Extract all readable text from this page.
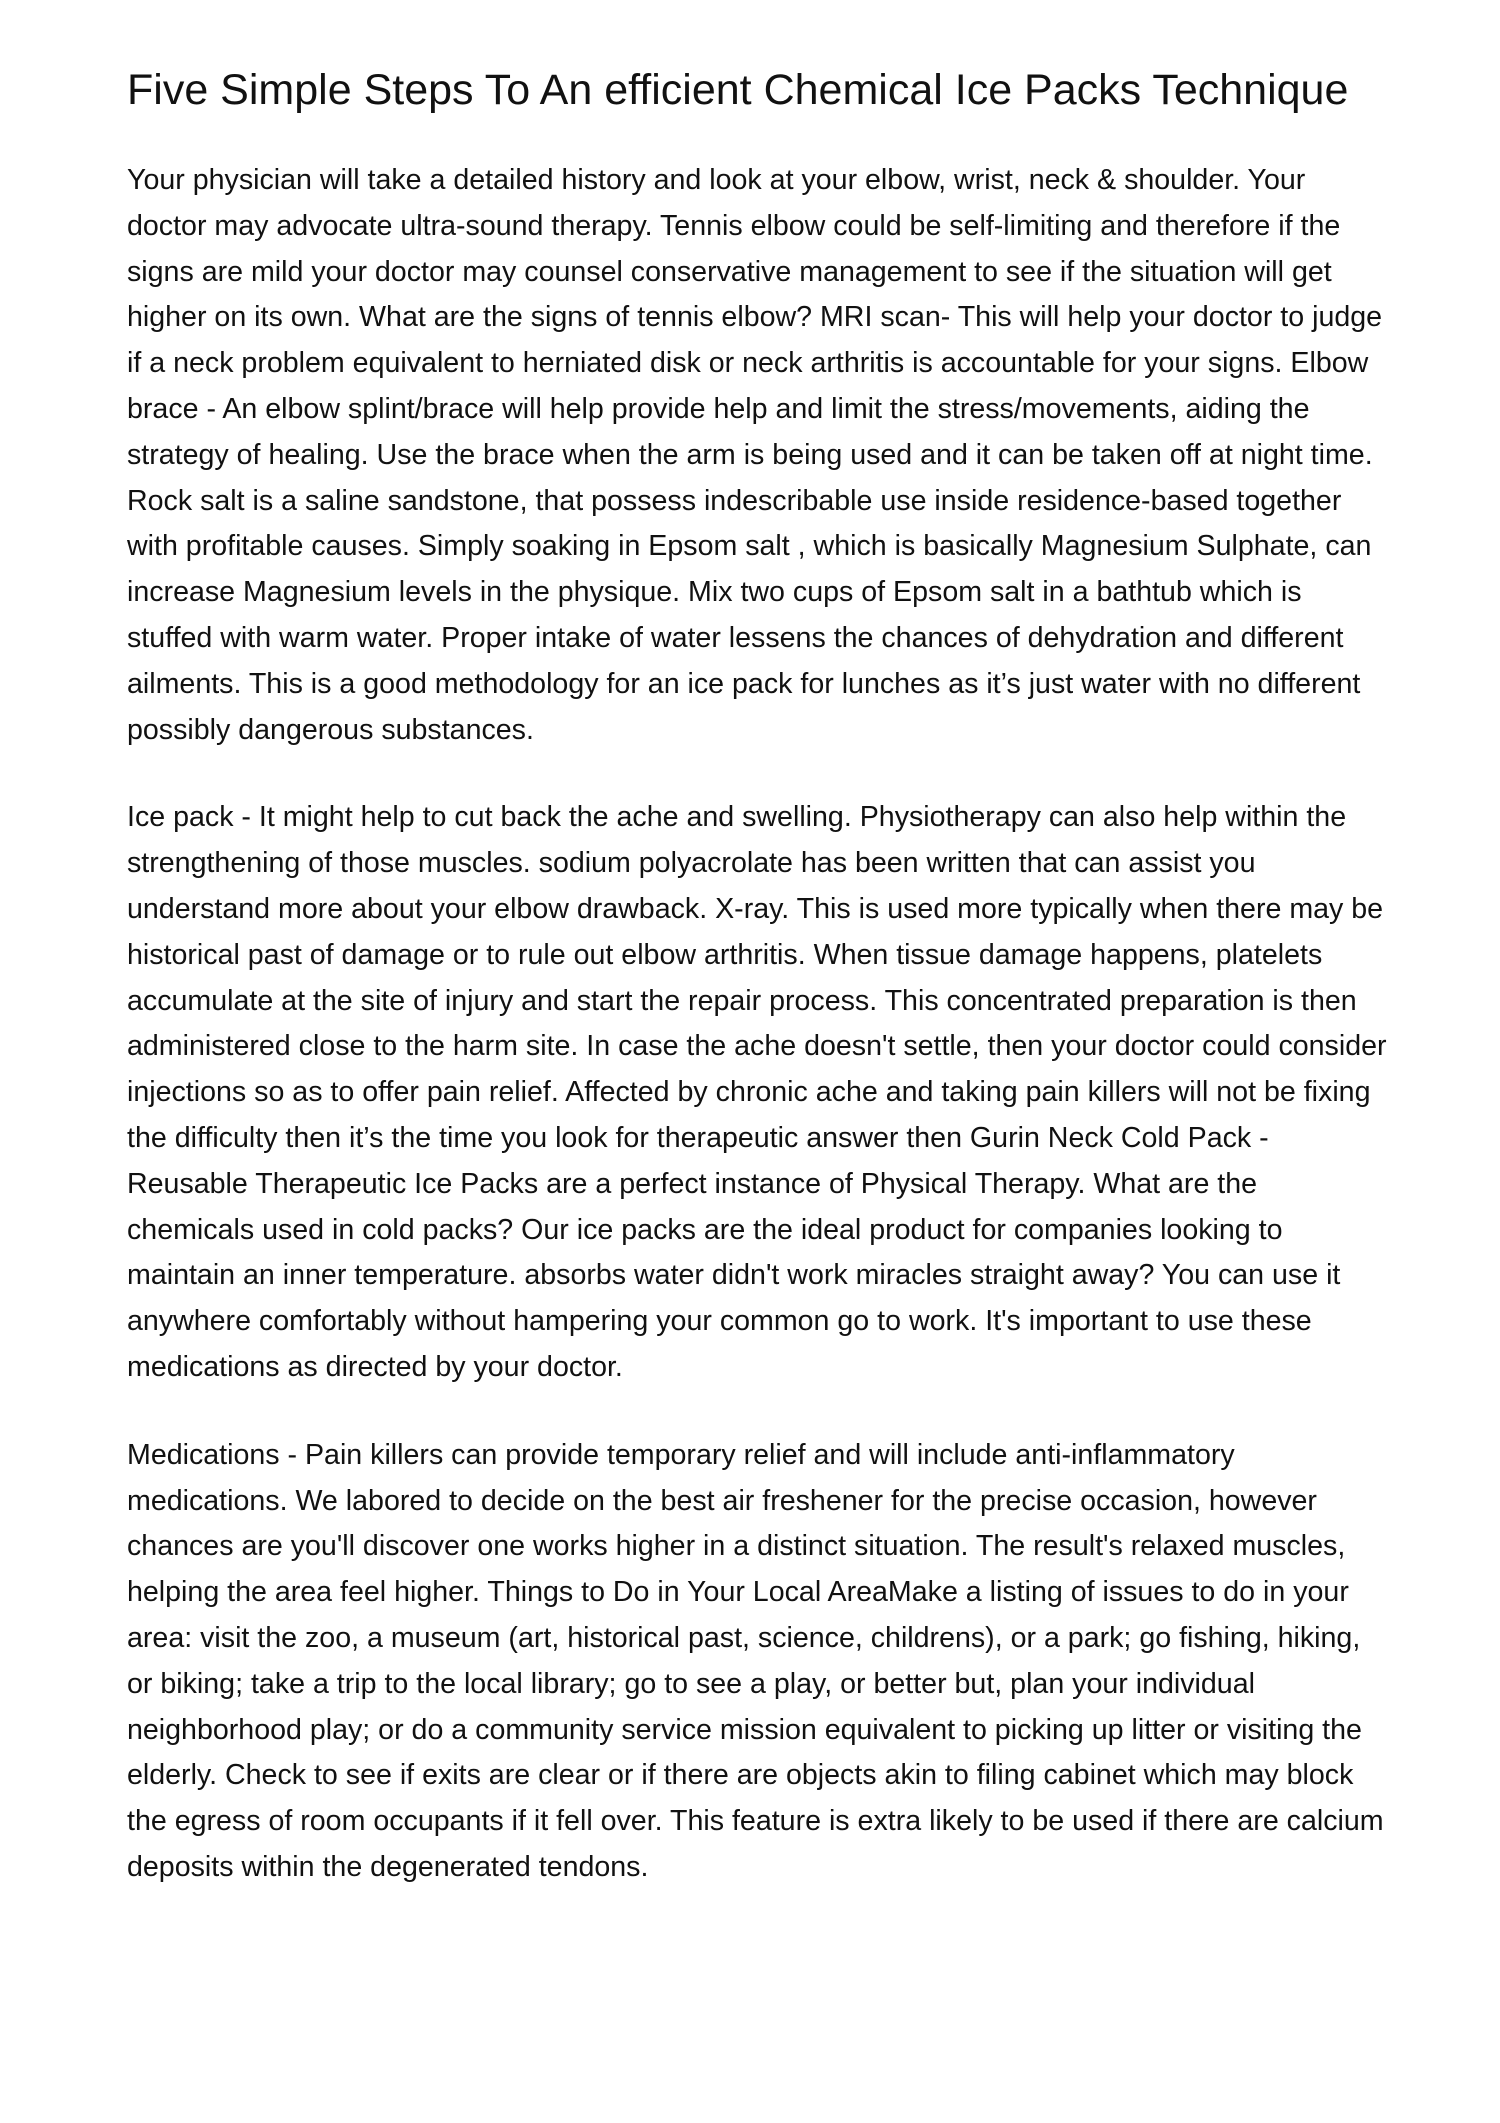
Five Simple Steps To An efficient Chemical Ice Packs Technique

Your physician will take a detailed history and look at your elbow, wrist, neck & shoulder. Your doctor may advocate ultra-sound therapy. Tennis elbow could be self-limiting and therefore if the signs are mild your doctor may counsel conservative management to see if the situation will get higher on its own. What are the signs of tennis elbow? MRI scan- This will help your doctor to judge if a neck problem equivalent to herniated disk or neck arthritis is accountable for your signs. Elbow brace - An elbow splint/brace will help provide help and limit the stress/movements, aiding the strategy of healing. Use the brace when the arm is being used and it can be taken off at night time. Rock salt is a saline sandstone, that possess indescribable use inside residence-based together with profitable causes. Simply soaking in Epsom salt , which is basically Magnesium Sulphate, can increase Magnesium levels in the physique. Mix two cups of Epsom salt in a bathtub which is stuffed with warm water. Proper intake of water lessens the chances of dehydration and different ailments. This is a good methodology for an ice pack for lunches as it’s just water with no different possibly dangerous substances.

Ice pack - It might help to cut back the ache and swelling. Physiotherapy can also help within the strengthening of those muscles. sodium polyacrolate has been written that can assist you understand more about your elbow drawback. X-ray. This is used more typically when there may be historical past of damage or to rule out elbow arthritis. When tissue damage happens, platelets accumulate at the site of injury and start the repair process. This concentrated preparation is then administered close to the harm site. In case the ache doesn't settle, then your doctor could consider injections so as to offer pain relief. Affected by chronic ache and taking pain killers will not be fixing the difficulty then it’s the time you look for therapeutic answer then Gurin Neck Cold Pack - Reusable Therapeutic Ice Packs are a perfect instance of Physical Therapy. What are the chemicals used in cold packs? Our ice packs are the ideal product for companies looking to maintain an inner temperature. absorbs water didn't work miracles straight away? You can use it anywhere comfortably without hampering your common go to work. It's important to use these medications as directed by your doctor.

Medications - Pain killers can provide temporary relief and will include anti-inflammatory medications. We labored to decide on the best air freshener for the precise occasion, however chances are you'll discover one works higher in a distinct situation. The result's relaxed muscles, helping the area feel higher. Things to Do in Your Local AreaMake a listing of issues to do in your area: visit the zoo, a museum (art, historical past, science, childrens), or a park; go fishing, hiking, or biking; take a trip to the local library; go to see a play, or better but, plan your individual neighborhood play; or do a community service mission equivalent to picking up litter or visiting the elderly. Check to see if exits are clear or if there are objects akin to filing cabinet which may block the egress of room occupants if it fell over. This feature is extra likely to be used if there are calcium deposits within the degenerated tendons.
